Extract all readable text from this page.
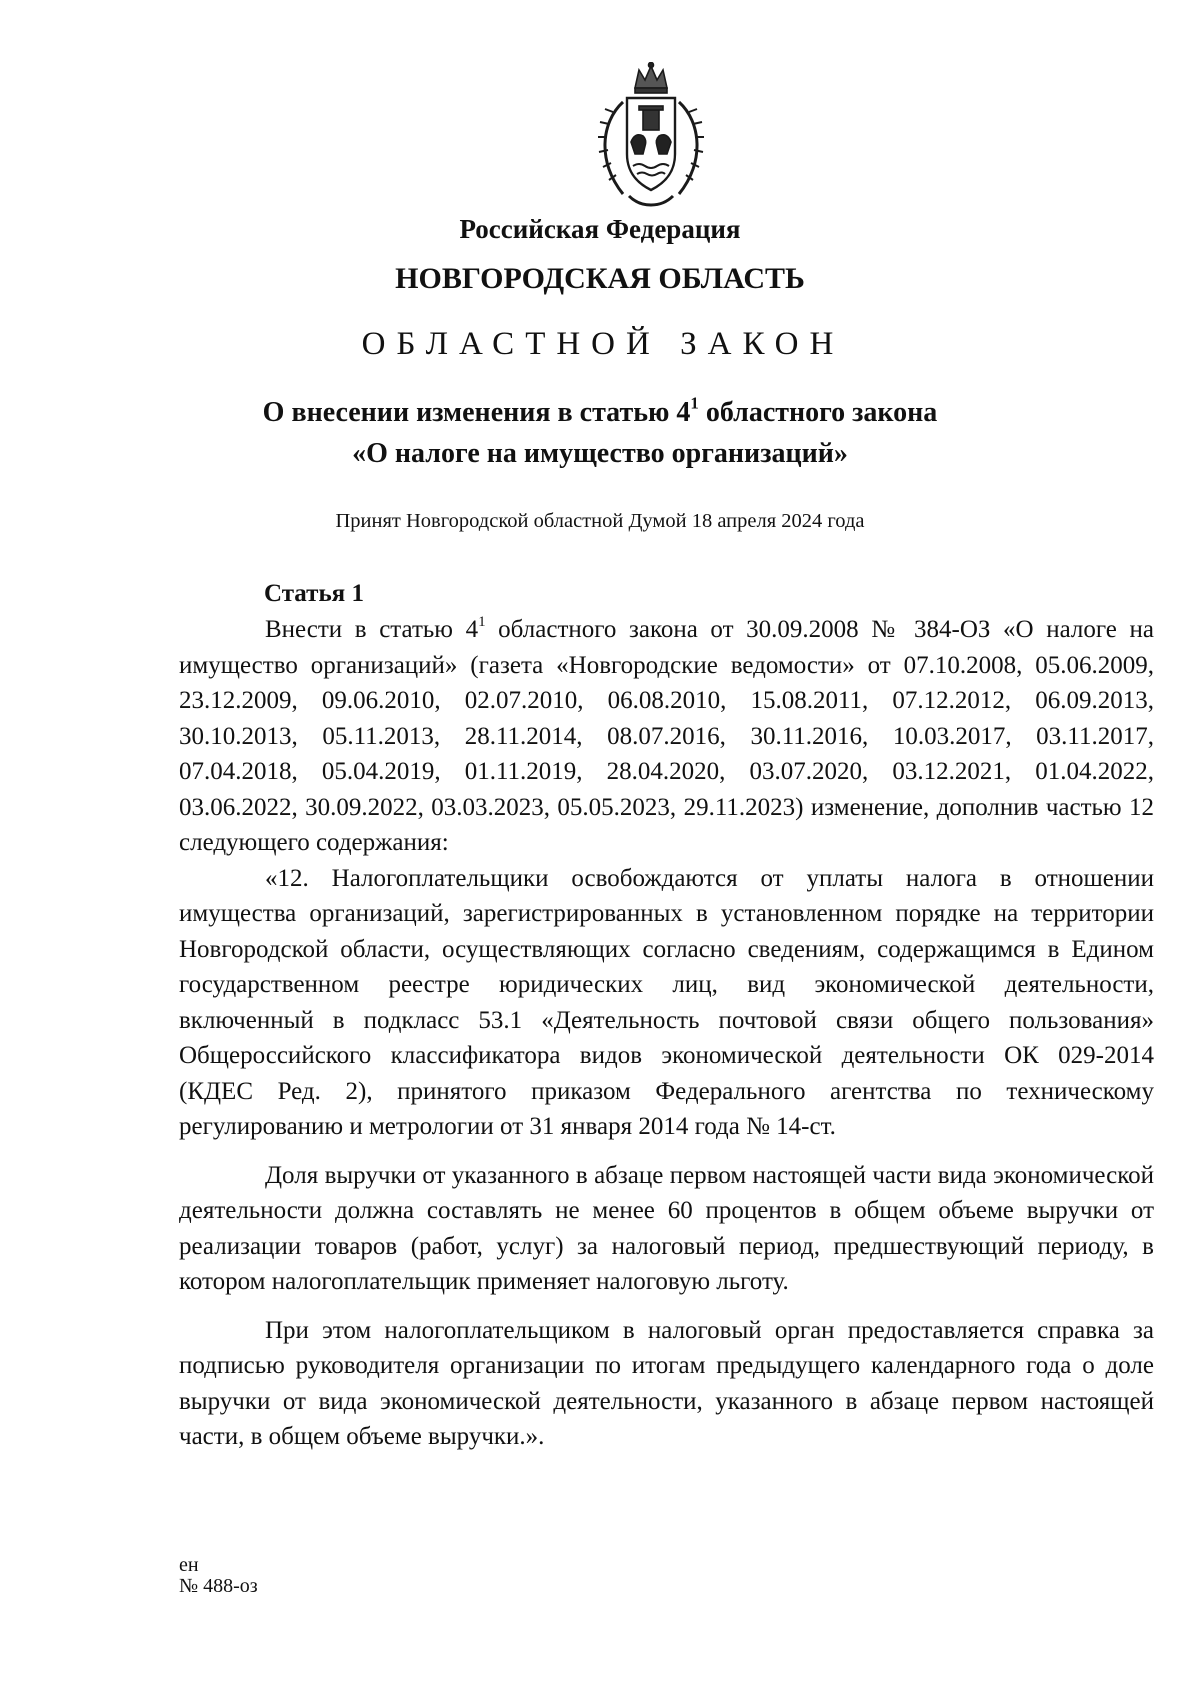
Российская Федерация
НОВГОРОДСКАЯ ОБЛАСТЬ
ОБЛАСТНОЙ ЗАКОН
О внесении изменения в статью $4^1$ областного закона
«О налоге на имущество организаций»
Принят Новгородской областной Думой 18 апреля 2024 года
Статья 1

Внести в статью $4^1$ областного закона от 30.09.2008 № 384-ОЗ «О налоге на имущество организаций» (газета «Новгородские ведомости» от 07.10.2008, 05.06.2009, 23.12.2009, 09.06.2010, 02.07.2010, 06.08.2010, 15.08.2011, 07.12.2012, 06.09.2013, 30.10.2013, 05.11.2013, 28.11.2014, 08.07.2016, 30.11.2016, 10.03.2017, 03.11.2017, 07.04.2018, 05.04.2019, 01.11.2019, 28.04.2020, 03.07.2020, 03.12.2021, 01.04.2022, 03.06.2022, 30.09.2022, 03.03.2023, 05.05.2023, 29.11.2023) изменение, дополнив частью 12 следующего содержания:

«12. Налогоплательщики освобождаются от уплаты налога в отношении имущества организаций, зарегистрированных в установленном порядке на территории Новгородской области, осуществляющих согласно сведениям, содержащимся в Едином государственном реестре юридических лиц, вид экономической деятельности, включенный в подкласс 53.1 «Деятельность почтовой связи общего пользования» Общероссийского классификатора видов экономической деятельности ОК 029-2014 (КДЕС Ред. 2), принятого приказом Федерального агентства по техническому регулированию и метрологии от 31 января 2014 года № 14-ст.

Доля выручки от указанного в абзаце первом настоящей части вида экономической деятельности должна составлять не менее 60 процентов в общем объеме выручки от реализации товаров (работ, услуг) за налоговый период, предшествующий периоду, в котором налогоплательщик применяет налоговую льготу.

При этом налогоплательщиком в налоговый орган предоставляется справка за подписью руководителя организации по итогам предыдущего календарного года о доле выручки от вида экономической деятельности, указанного в абзаце первом настоящей части, в общем объеме выручки.».

ен
№ 488-оз
